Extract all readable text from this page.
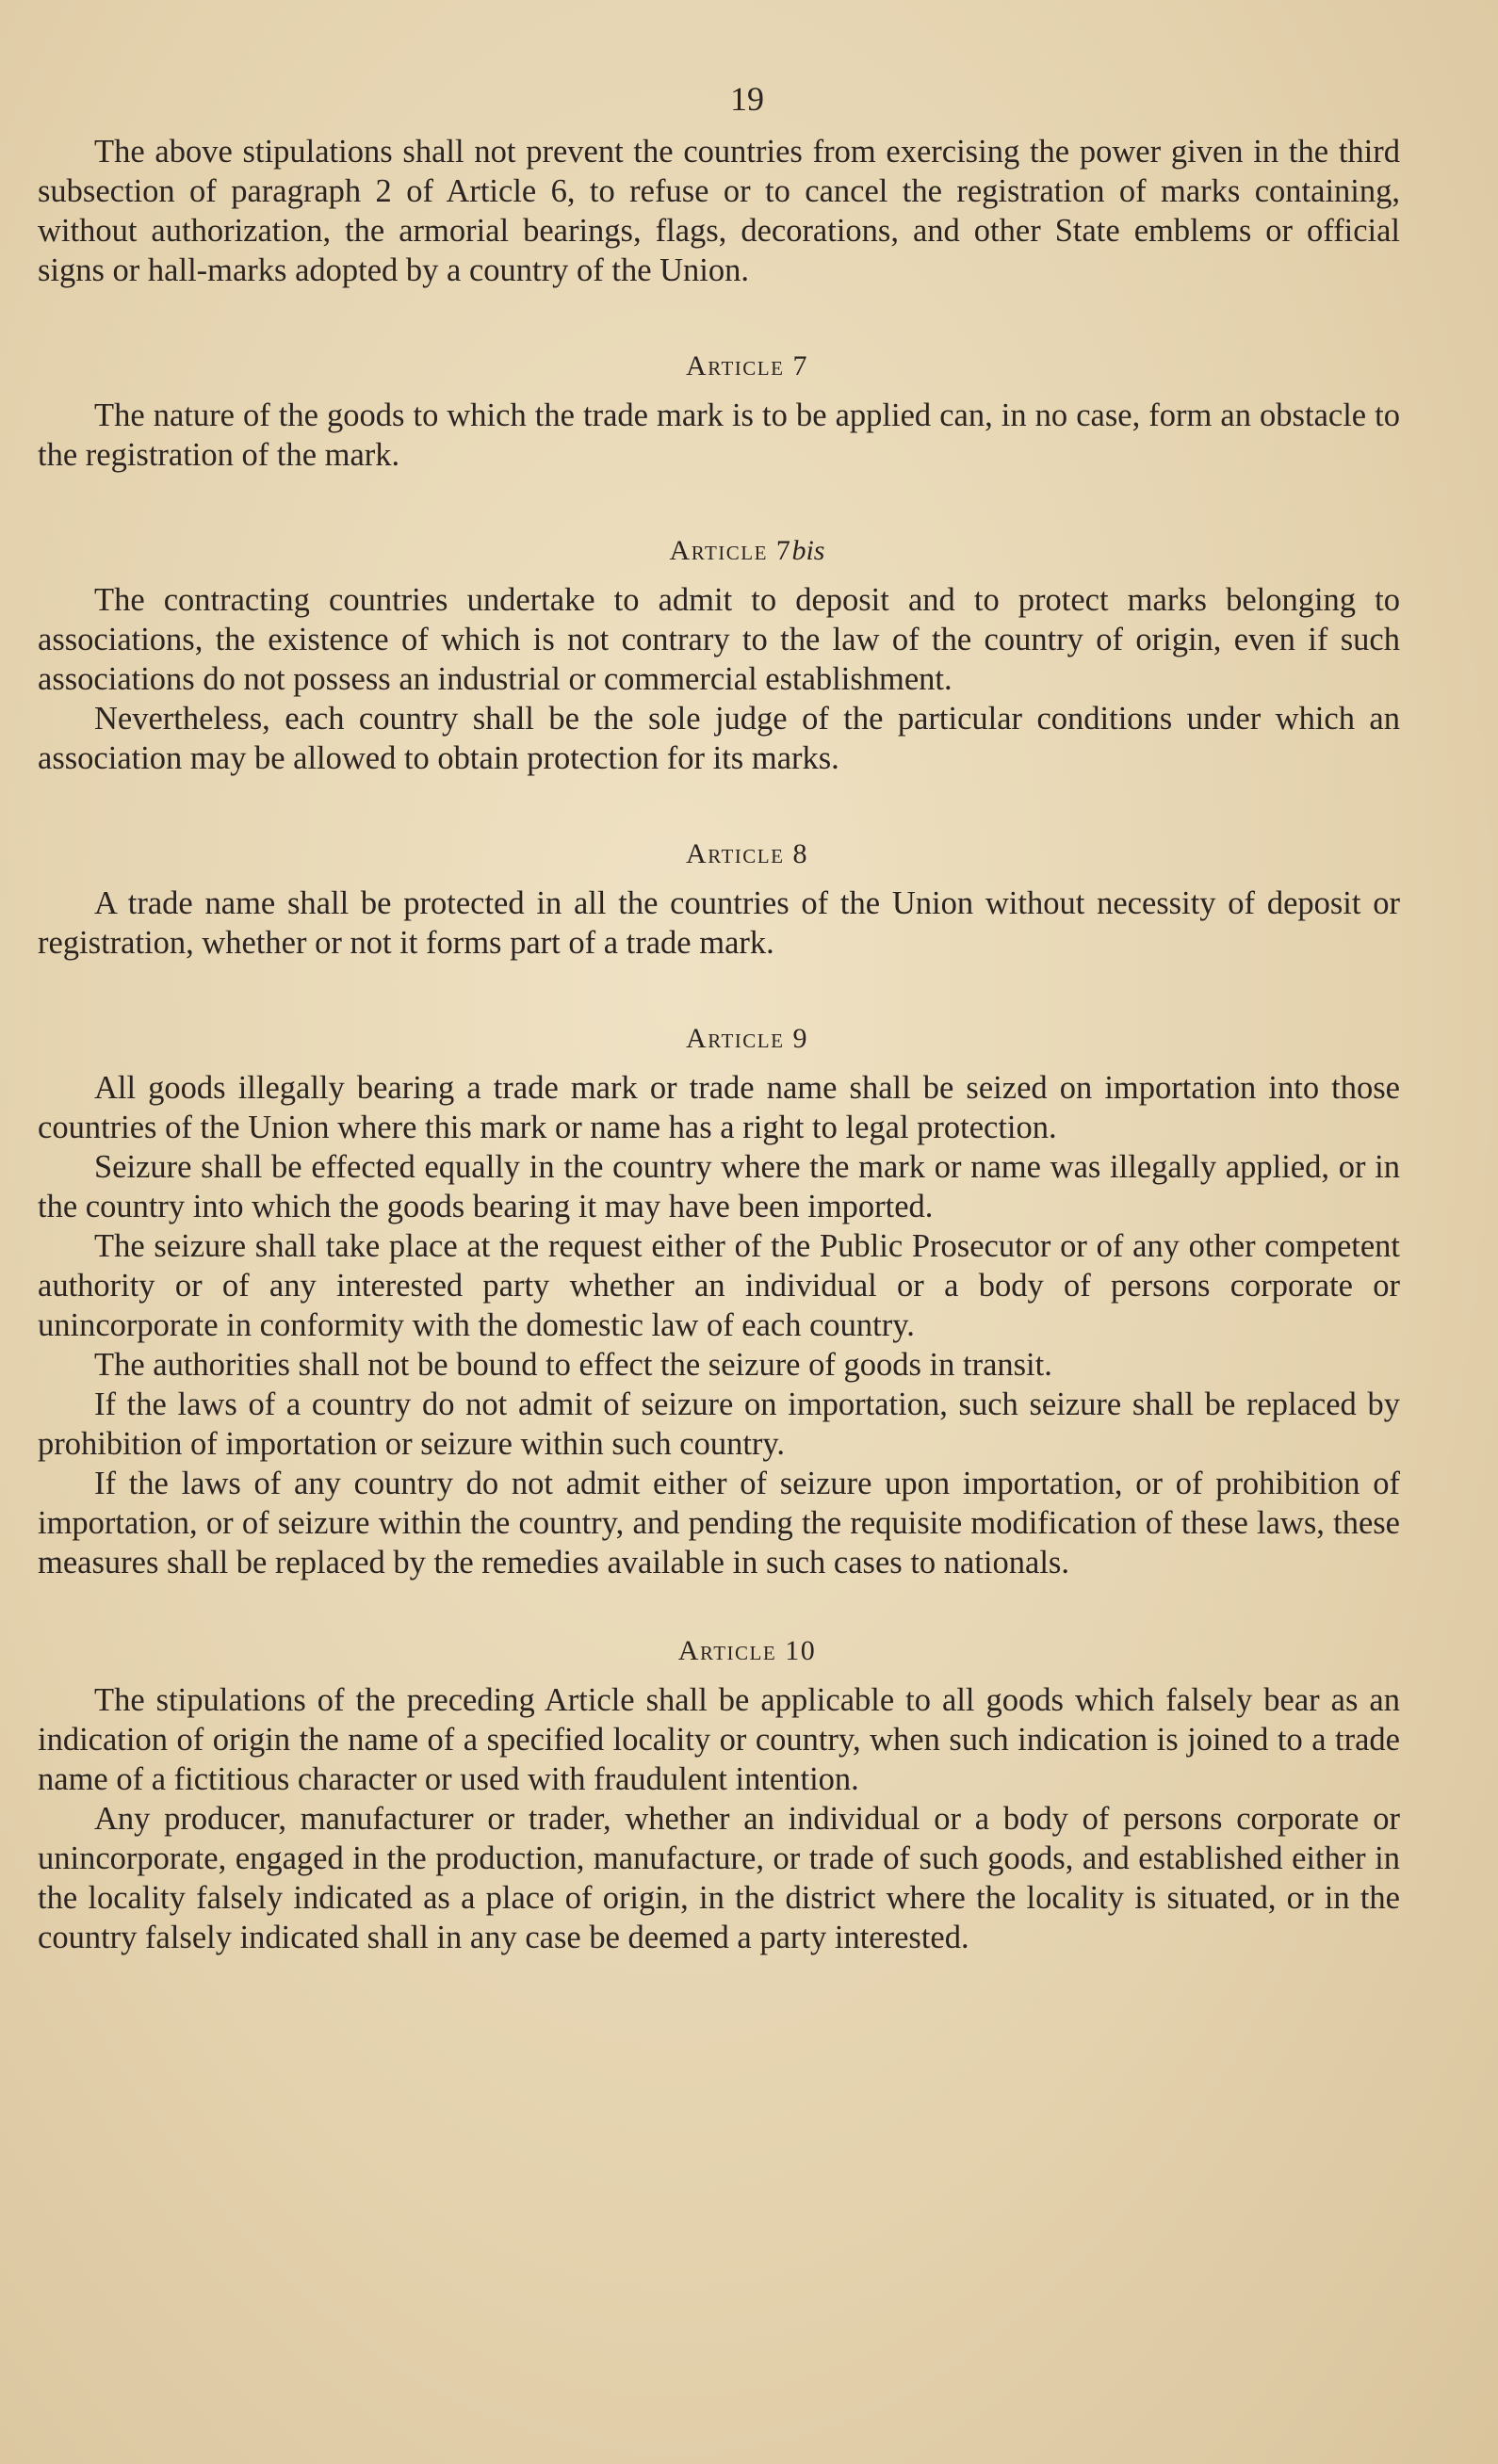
19

The above stipulations shall not prevent the countries from exercising the power given in the third subsection of paragraph 2 of Article 6, to refuse or to cancel the registration of marks containing, without authorization, the armorial bearings, flags, decorations, and other State emblems or official signs or hall-marks adopted by a country of the Union.

Article 7

The nature of the goods to which the trade mark is to be applied can, in no case, form an obstacle to the registration of the mark.

Article 7bis

The contracting countries undertake to admit to deposit and to protect marks belonging to associations, the existence of which is not contrary to the law of the country of origin, even if such associations do not possess an industrial or commercial establishment.

Nevertheless, each country shall be the sole judge of the particular conditions under which an association may be allowed to obtain protection for its marks.

Article 8

A trade name shall be protected in all the countries of the Union without necessity of deposit or registration, whether or not it forms part of a trade mark.

Article 9

All goods illegally bearing a trade mark or trade name shall be seized on importation into those countries of the Union where this mark or name has a right to legal protection.

Seizure shall be effected equally in the country where the mark or name was illegally applied, or in the country into which the goods bearing it may have been imported.

The seizure shall take place at the request either of the Public Prosecutor or of any other competent authority or of any interested party whether an individual or a body of persons corporate or unincorporate in conformity with the domestic law of each country.

The authorities shall not be bound to effect the seizure of goods in transit.

If the laws of a country do not admit of seizure on importation, such seizure shall be replaced by prohibition of importation or seizure within such country.

If the laws of any country do not admit either of seizure upon importation, or of prohibition of importation, or of seizure within the country, and pending the requisite modification of these laws, these measures shall be replaced by the remedies available in such cases to nationals.

Article 10

The stipulations of the preceding Article shall be applicable to all goods which falsely bear as an indication of origin the name of a specified locality or country, when such indication is joined to a trade name of a fictitious character or used with fraudulent intention.

Any producer, manufacturer or trader, whether an individual or a body of persons corporate or unincorporate, engaged in the production, manufacture, or trade of such goods, and established either in the locality falsely indicated as a place of origin, in the district where the locality is situated, or in the country falsely indicated shall in any case be deemed a party interested.
